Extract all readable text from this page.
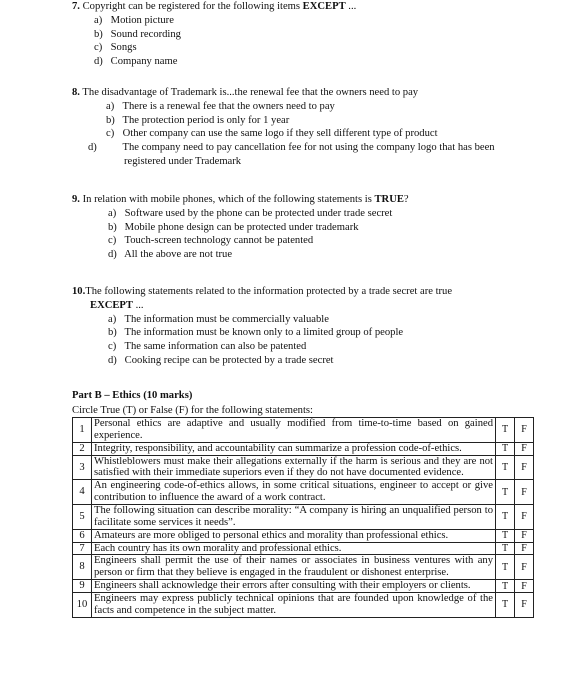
7. Copyright can be registered for the following items EXCEPT ...
a) Motion picture
b) Sound recording
c) Songs
d) Company name
8. The disadvantage of Trademark is...the renewal fee that the owners need to pay
a) There is a renewal fee that the owners need to pay
b) The protection period is only for 1 year
c) Other company can use the same logo if they sell different type of product
d) The company need to pay cancellation fee for not using the company logo that has been registered under Trademark
9. In relation with mobile phones, which of the following statements is TRUE?
a) Software used by the phone can be protected under trade secret
b) Mobile phone design can be protected under trademark
c) Touch-screen technology cannot be patented
d) All the above are not true
10.The following statements related to the information protected by a trade secret are true
EXCEPT ...
a) The information must be commercially valuable
b) The information must be known only to a limited group of people
c) The same information can also be patented
d) Cooking recipe can be protected by a trade secret
Part B – Ethics (10 marks)
Circle True (T) or False (F) for the following statements:
1	Personal ethics are adaptive and usually modified from time-to-time based on gained experience.	T	F
2	Integrity, responsibility, and accountability can summarize a profession code-of-ethics.	T	F
3	Whistleblowers must make their allegations externally if the harm is serious and they are not satisfied with their immediate superiors even if they do not have documented evidence.	T	F
4	An engineering code-of-ethics allows, in some critical situations, engineer to accept or give contribution to influence the award of a work contract.	T	F
5	The following situation can describe morality: “A company is hiring an unqualified person to facilitate some services it needs”.	T	F
6	Amateurs are more obliged to personal ethics and morality than professional ethics.	T	F
7	Each country has its own morality and professional ethics.	T	F
8	Engineers shall permit the use of their names or associates in business ventures with any person or firm that they believe is engaged in the fraudulent or dishonest enterprise.	T	F
9	Engineers shall acknowledge their errors after consulting with their employers or clients.	T	F
10	Engineers may express publicly technical opinions that are founded upon knowledge of the facts and competence in the subject matter.	T	F
